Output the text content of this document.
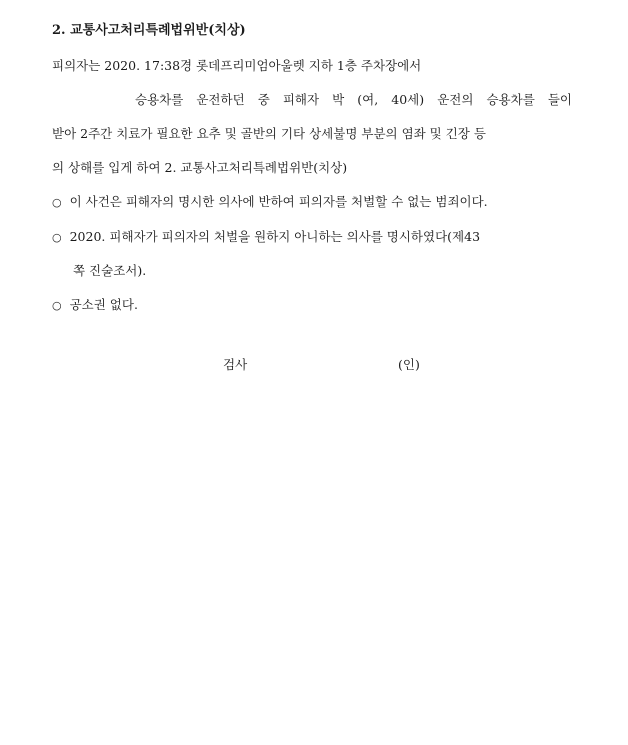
2. 교통사고처리특례법위반(치상)
피의자는 2020. 17:38경 롯데프리미엄아울렛 지하 1층 주차장에서
승용차를 운전하던 중 피해자 박 (여, 40세) 운전의 승용차를 들이
받아 2주간 치료가 필요한 요추 및 골반의 기타 상세불명 부분의 염좌 및 긴장 등
의 상해를 입게 하여 2. 교통사고처리특례법위반(치상)
○ 이 사건은 피해자의 명시한 의사에 반하여 피의자를 처벌할 수 없는 범죄이다.
○ 2020. 피해자가 피의자의 처벌을 원하지 아니하는 의사를 명시하였다(제43
쪽 진술조서).
○ 공소권 없다.
검사	(인)
